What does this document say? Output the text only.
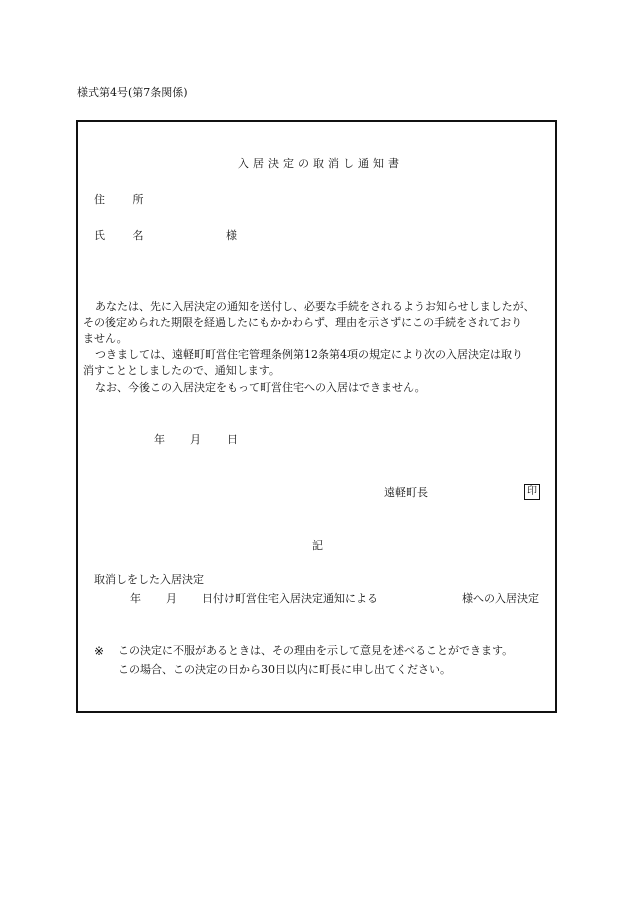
様式第4号(第7条関係)
入居決定の取消し通知書
住 所
氏 名	様
あなたは、先に入居決定の通知を送付し、必要な手続をされるようお知らせしましたが、
その後定められた期限を経過したにもかかわらず、理由を示さずにこの手続をされており
ません。
つきましては、遠軽町町営住宅管理条例第12条第4項の規定により次の入居決定は取り
消すこととしましたので、通知します。
なお、今後この入居決定をもって町営住宅への入居はできません。
年 月 日
遠軽町長	印
記
取消しをした入居決定
年 月 日付け町営住宅入居決定通知による	様への入居決定
※ この決定に不服があるときは、その理由を示して意見を述べることができます。
この場合、この決定の日から30日以内に町長に申し出てください。
